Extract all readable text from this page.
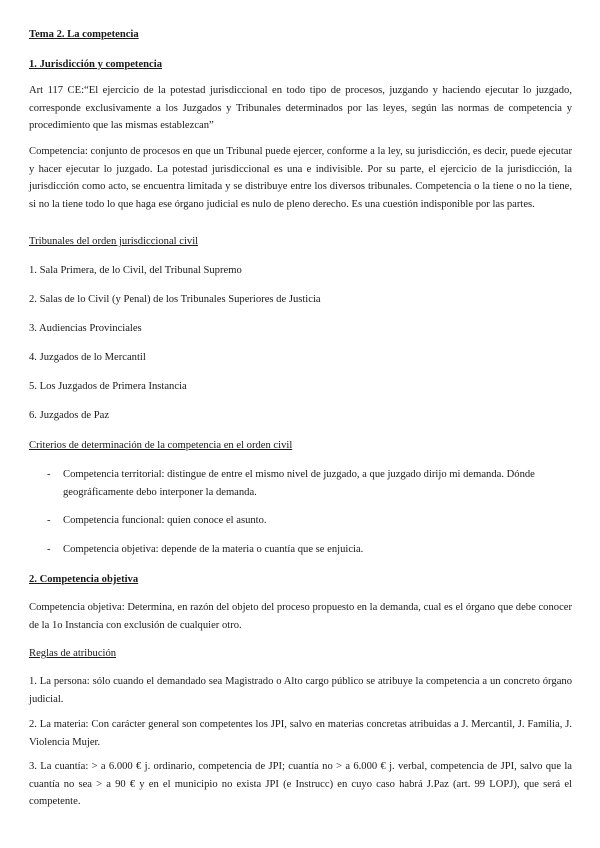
Tema 2. La competencia

1. Jurisdicción y competencia

Art 117 CE:“El ejercicio de la potestad jurisdiccional en todo tipo de procesos, juzgando y haciendo ejecutar lo juzgado, corresponde exclusivamente a los Juzgados y Tribunales determinados por las leyes, según las normas de competencia y procedimiento que las mismas establezcan”

Competencia: conjunto de procesos en que un Tribunal puede ejercer, conforme a la ley, su jurisdicción, es decir, puede ejecutar y hacer ejecutar lo juzgado. La potestad jurisdiccional es una e indivisible. Por su parte, el ejercicio de la jurisdicción, la jurisdicción como acto, se encuentra limitada y se distribuye entre los diversos tribunales. Competencia o la tiene o no la tiene, si no la tiene todo lo que haga ese órgano judicial es nulo de pleno derecho. Es una cuestión indisponible por las partes.

Tribunales del orden jurisdiccional civil

1. Sala Primera, de lo Civil, del Tribunal Supremo

2. Salas de lo Civil (y Penal) de los Tribunales Superiores de Justicia

3. Audiencias Provinciales

4. Juzgados de lo Mercantil

5. Los Juzgados de Primera Instancia

6. Juzgados de Paz

Criterios de determinación de la competencia en el orden civil

- Competencia territorial: distingue de entre el mismo nivel de juzgado, a que juzgado dirijo mi demanda. Dónde geográficamente debo interponer la demanda.

- Competencia funcional: quien conoce el asunto.

- Competencia objetiva: depende de la materia o cuantía que se enjuicia.

2. Competencia objetiva

Competencia objetiva: Determina, en razón del objeto del proceso propuesto en la demanda, cual es el órgano que debe conocer de la 1o Instancia con exclusión de cualquier otro.

Reglas de atribución

1. La persona: sólo cuando el demandado sea Magistrado o Alto cargo público se atribuye la competencia a un concreto órgano judicial.

2. La materia: Con carácter general son competentes los JPI, salvo en materias concretas atribuidas a J. Mercantil, J. Familia, J. Violencia Mujer.

3. La cuantía: > a 6.000 € j. ordinario, competencia de JPI; cuantía no > a 6.000 € j. verbal, competencia de JPI, salvo que la cuantía no sea > a 90 € y en el municipio no exista JPI (e Instrucc) en cuyo caso habrá J.Paz (art. 99 LOPJ), que será el competente.
